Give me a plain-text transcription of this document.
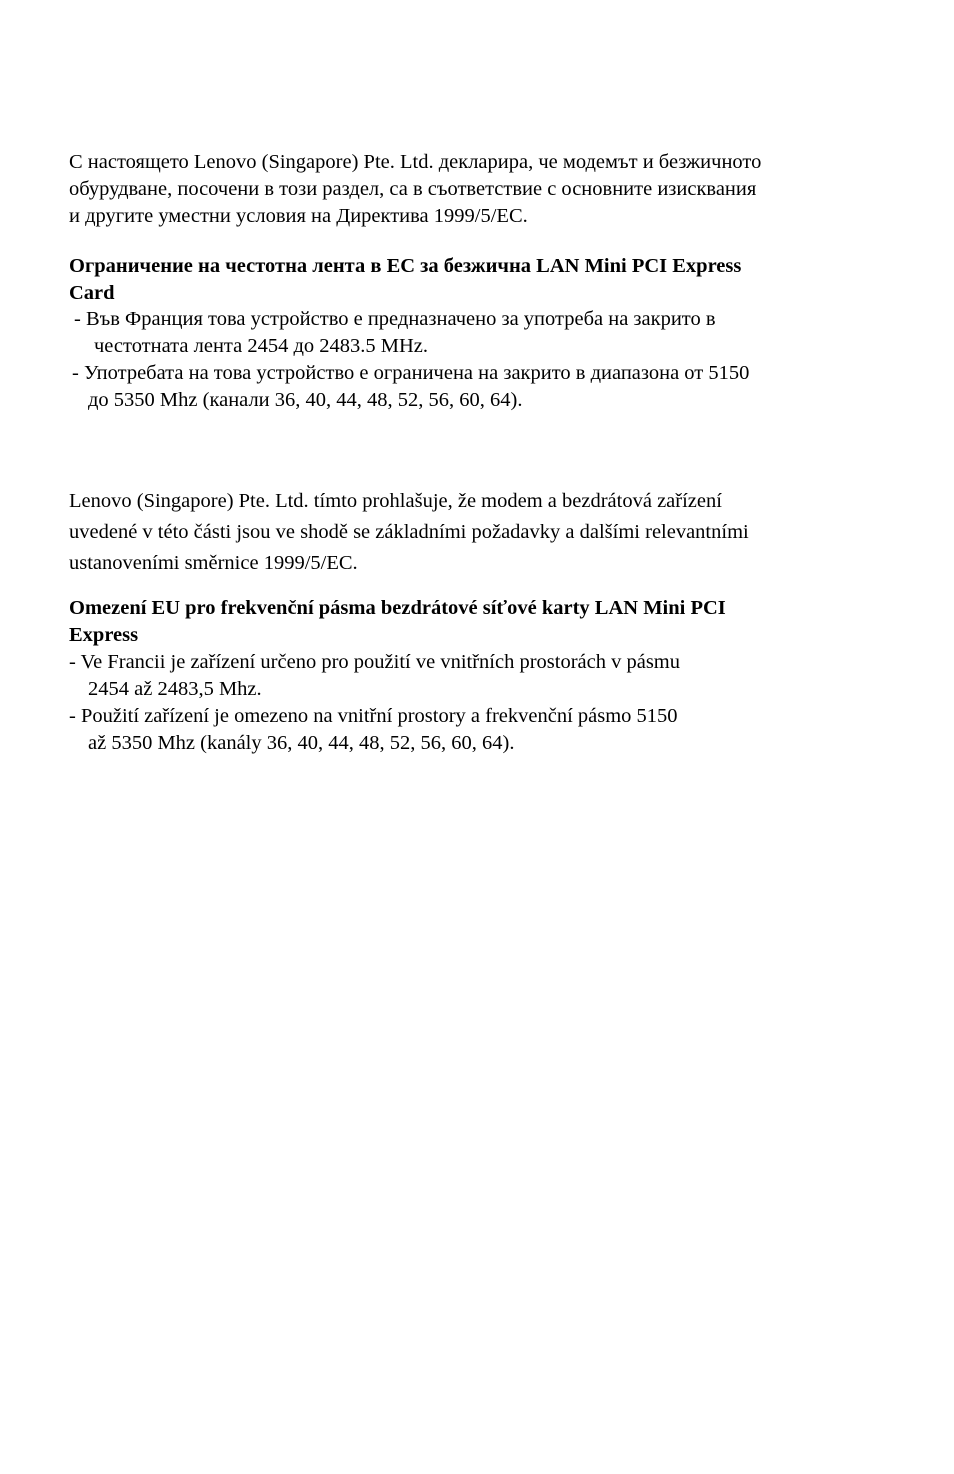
С настоящето Lenovo (Singapore) Pte. Ltd. декларира, че модемът и безжичното
обурудване, посочени в този раздел, са в съответствие с основните изисквания
и другите уместни условия на Директива 1999/5/EC.
Ограничение на честотна лента в ЕС за безжична LAN Mini PCI Express
Card
- Във Франция това устройство е предназначено за употреба на закрито в
честотната лента 2454 до 2483.5 MHz.
- Употребата на това устройство е ограничена на закрито в диапазона от 5150
до 5350 Mhz (канали 36, 40, 44, 48, 52, 56, 60, 64).
Lenovo (Singapore) Pte. Ltd. tímto prohlašuje, že modem a bezdrátová zařízení
uvedené v této části jsou ve shodě se základními požadavky a dalšími relevantními
ustanoveními směrnice 1999/5/EC.
Omezení EU pro frekvenční pásma bezdrátové síťové karty LAN Mini PCI
Express
- Ve Francii je zařízení určeno pro použití ve vnitřních prostorách v pásmu
2454 až 2483,5 Mhz.
- Použití zařízení je omezeno na vnitřní prostory a frekvenční pásmo 5150
až 5350 Mhz (kanály 36, 40, 44, 48, 52, 56, 60, 64).
